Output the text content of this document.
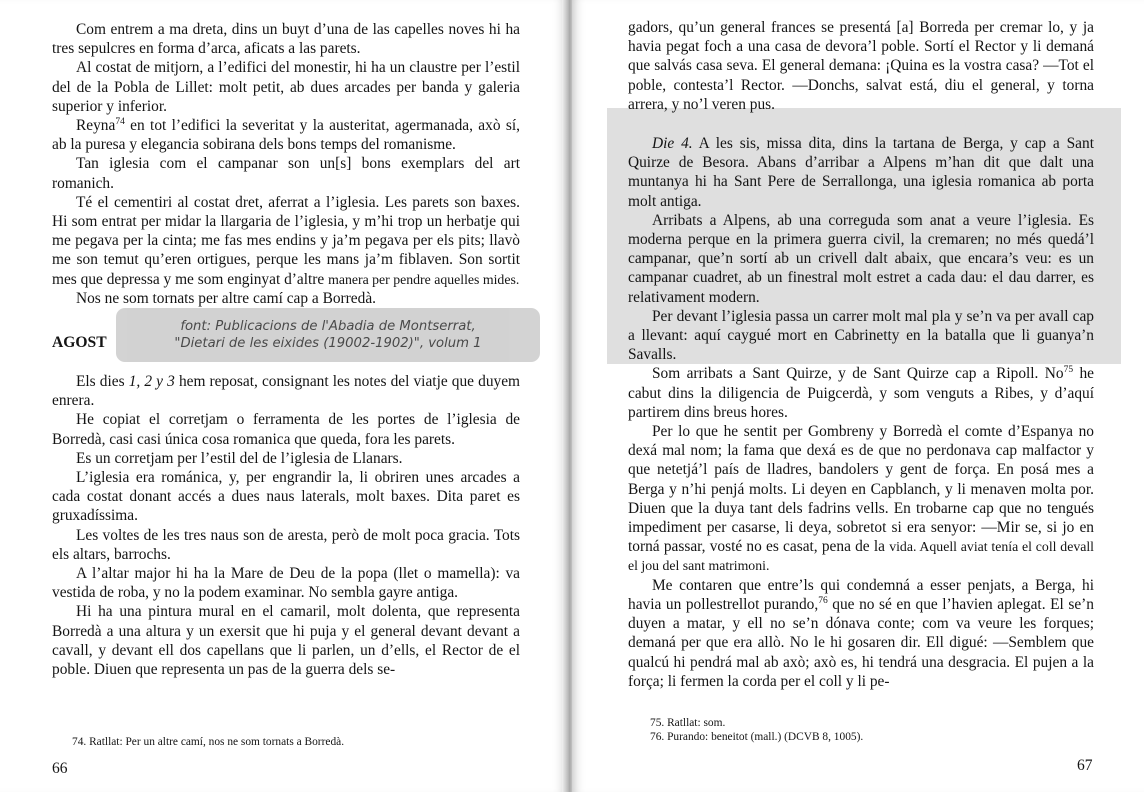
Com entrem a ma dreta, dins un buyt d’una de las capelles noves hi ha tres sepulcres en forma d’arca, aficats a las parets.

Al costat de mitjorn, a l’edifici del monestir, hi ha un claustre per l’estil del de la Pobla de Lillet: molt petit, ab dues arcades per banda y galeria superior y inferior.

Reyna$^{74}$ en tot l’edifici la severitat y la austeritat, agermanada, axò sí, ab la puresa y elegancia sobirana dels bons temps del romanisme.

Tan iglesia com el campanar son un[s] bons exemplars del art romanich.

Té el cementiri al costat dret, aferrat a l’iglesia. Les parets son baxes. Hi som entrat per midar la llargaria de l’iglesia, y m’hi trop un herbatje qui me pegava per la cinta; me fas mes endins y ja’m pegava per els pits; llavò me son temut qu’eren ortigues, perque les mans ja’m fiblaven. Son sortit mes que depressa y me som enginyat d’altre manera per pendre aquelles mides.

Nos ne som tornats per altre camí cap a Borredà.

AGOST
font: Publicacions de l'Abadia de Montserrat,
"Dietari de les eixides (19002-1902)", volum 1

Els dies 1, 2 y 3 hem reposat, consignant les notes del viatje que duyem enrera.

He copiat el corretjam o ferramenta de les portes de l’iglesia de Borredà, casi casi única cosa romanica que queda, fora les parets.

Es un corretjam per l’estil del de l’iglesia de Llanars.

L’iglesia era románica, y, per engrandir la, li obriren unes arcades a cada costat donant accés a dues naus laterals, molt baxes. Dita paret es gruxadíssima.

Les voltes de les tres naus son de aresta, però de molt poca gracia. Tots els altars, barrochs.

A l’altar major hi ha la Mare de Deu de la popa (llet o mamella): va vestida de roba, y no la podem examinar. No sembla gayre antiga.

Hi ha una pintura mural en el camaril, molt dolenta, que representa Borredà a una altura y un exersit que hi puja y el general devant devant a cavall, y devant ell dos capellans que li parlen, un d’ells, el Rector de el poble. Diuen que representa un pas de la guerra dels se-

74. Ratllat: Per un altre camí, nos ne som tornats a Borredà.
66

gadors, qu’un general frances se presentá [a] Borreda per cremar lo, y ja havia pegat foch a una casa de devora’l poble. Sortí el Rector y li demaná que salvás casa seva. El general demana: ¡Quina es la vostra casa? —Tot el poble, contesta’l Rector. —Donchs, salvat está, diu el general, y torna arrera, y no’l veren pus.

Die 4. A les sis, missa dita, dins la tartana de Berga, y cap a Sant Quirze de Besora. Abans d’arribar a Alpens m’han dit que dalt una muntanya hi ha Sant Pere de Serrallonga, una iglesia romanica ab porta molt antiga.

Arribats a Alpens, ab una correguda som anat a veure l’iglesia. Es moderna perque en la primera guerra civil, la cremaren; no més quedá’l campanar, que’n sortí ab un crivell dalt abaix, que encara’s veu: es un campanar cuadret, ab un finestral molt estret a cada dau: el dau darrer, es relativament modern.

Per devant l’iglesia passa un carrer molt mal pla y se’n va per avall cap a llevant: aquí caygué mort en Cabrinetty en la batalla que li guanya’n Savalls.

Som arribats a Sant Quirze, y de Sant Quirze cap a Ripoll. No$^{75}$ he cabut dins la diligencia de Puigcerdà, y som venguts a Ribes, y d’aquí partirem dins breus hores.

Per lo que he sentit per Gombreny y Borredà el comte d’Espanya no dexá mal nom; la fama que dexá es de que no perdonava cap malfactor y que netetjá’l país de lladres, bandolers y gent de força. En posá mes a Berga y n’hi penjá molts. Li deyen en Capblanch, y li menaven molta por. Diuen que la duya tant dels fadrins vells. En trobarne cap que no tengués impediment per casarse, li deya, sobretot si era senyor: —Mir se, si jo en torná passar, vosté no es casat, pena de la vida. Aquell aviat tenía el coll devall el jou del sant matrimoni.

Me contaren que entre’ls qui condemná a esser penjats, a Berga, hi havia un pollestrellot purando,$^{76}$ que no sé en que l’havien aplegat. El se’n duyen a matar, y ell no se’n dónava conte; com va veure les forques; demaná per que era allò. No le hi gosaren dir. Ell digué: —Semblem que qualcú hi pendrá mal ab axò; axò es, hi tendrá una desgracia. El pujen a la força; li fermen la corda per el coll y li pe-

75. Ratllat: som.
76. Purando: beneitot (mall.) (DCVB 8, 1005).
67
